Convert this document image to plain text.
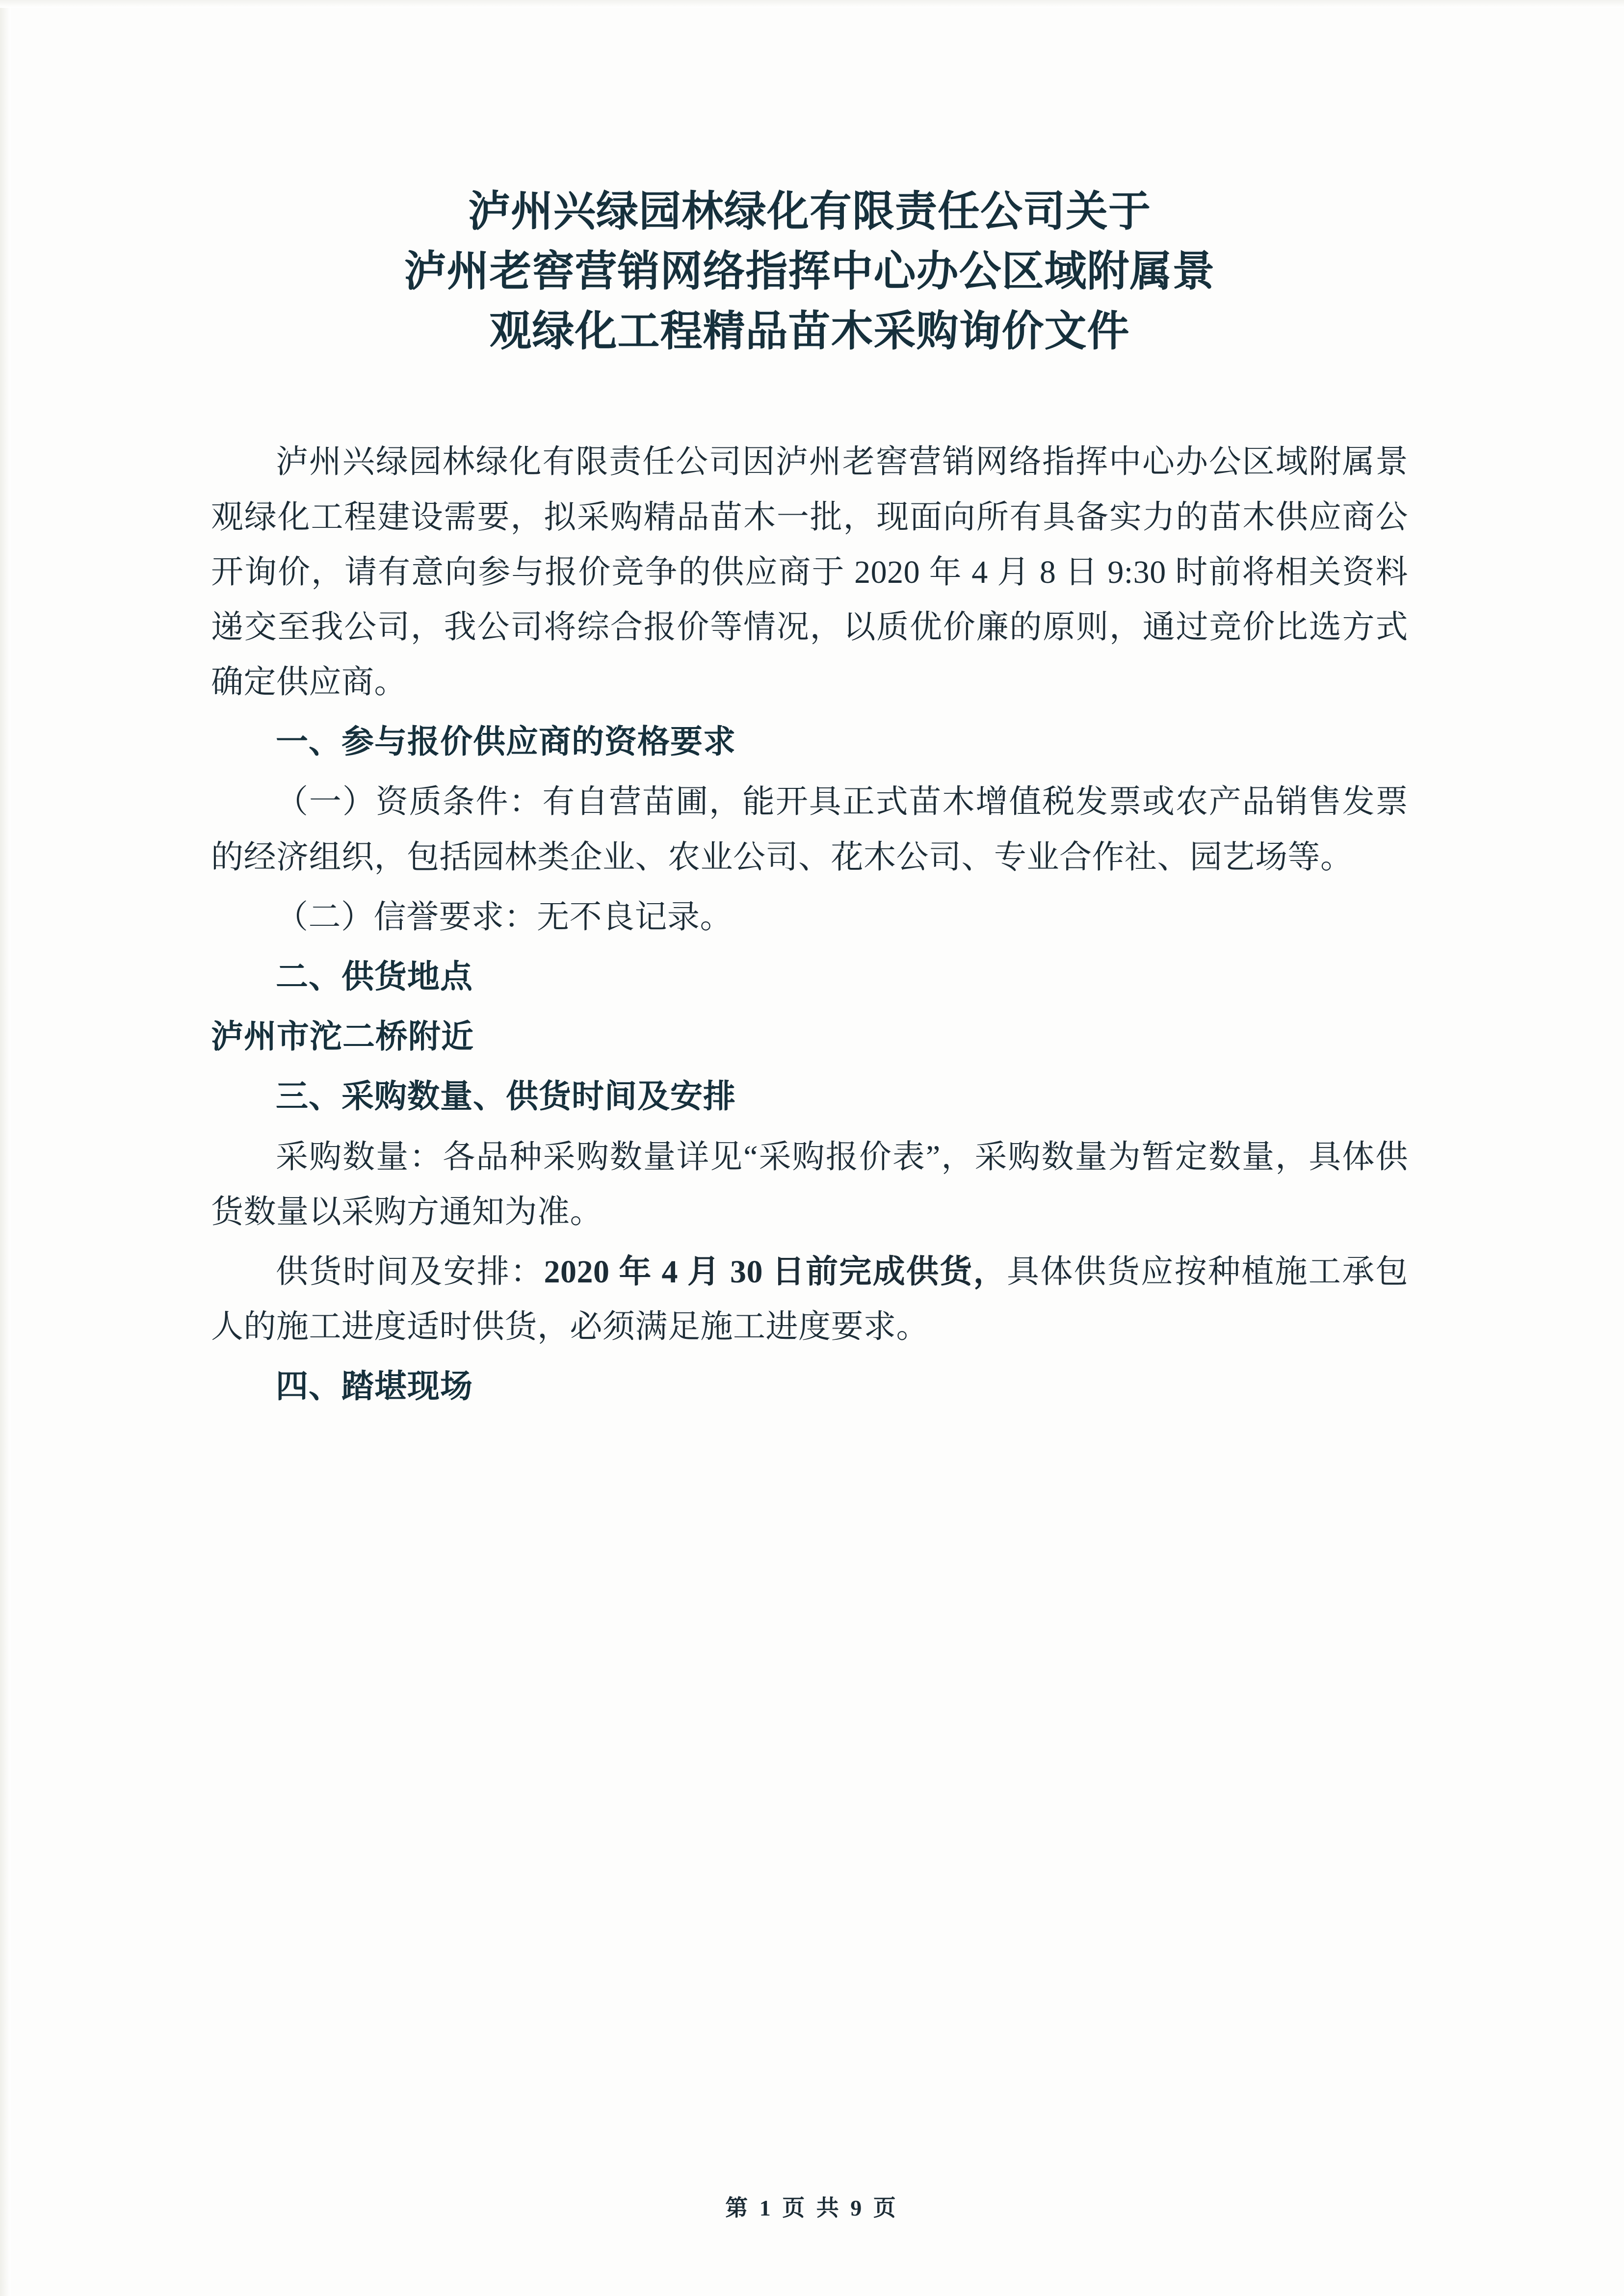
泸州兴绿园林绿化有限责任公司关于
泸州老窖营销网络指挥中心办公区域附属景
观绿化工程精品苗木采购询价文件

泸州兴绿园林绿化有限责任公司因泸州老窖营销网络指挥中心办公区域附属景观绿化工程建设需要，拟采购精品苗木一批，现面向所有具备实力的苗木供应商公开询价，请有意向参与报价竞争的供应商于 2020 年 4 月 8 日 9:30 时前将相关资料递交至我公司，我公司将综合报价等情况，以质优价廉的原则，通过竞价比选方式确定供应商。

一、参与报价供应商的资格要求

（一）资质条件：有自营苗圃，能开具正式苗木增值税发票或农产品销售发票的经济组织，包括园林类企业、农业公司、花木公司、专业合作社、园艺场等。

（二）信誉要求：无不良记录。

二、供货地点

泸州市沱二桥附近

三、采购数量、供货时间及安排

采购数量：各品种采购数量详见“采购报价表”，采购数量为暂定数量，具体供货数量以采购方通知为准。

供货时间及安排：2020 年 4 月 30 日前完成供货，具体供货应按种植施工承包人的施工进度适时供货，必须满足施工进度要求。

四、踏堪现场

第 1 页 共 9 页
